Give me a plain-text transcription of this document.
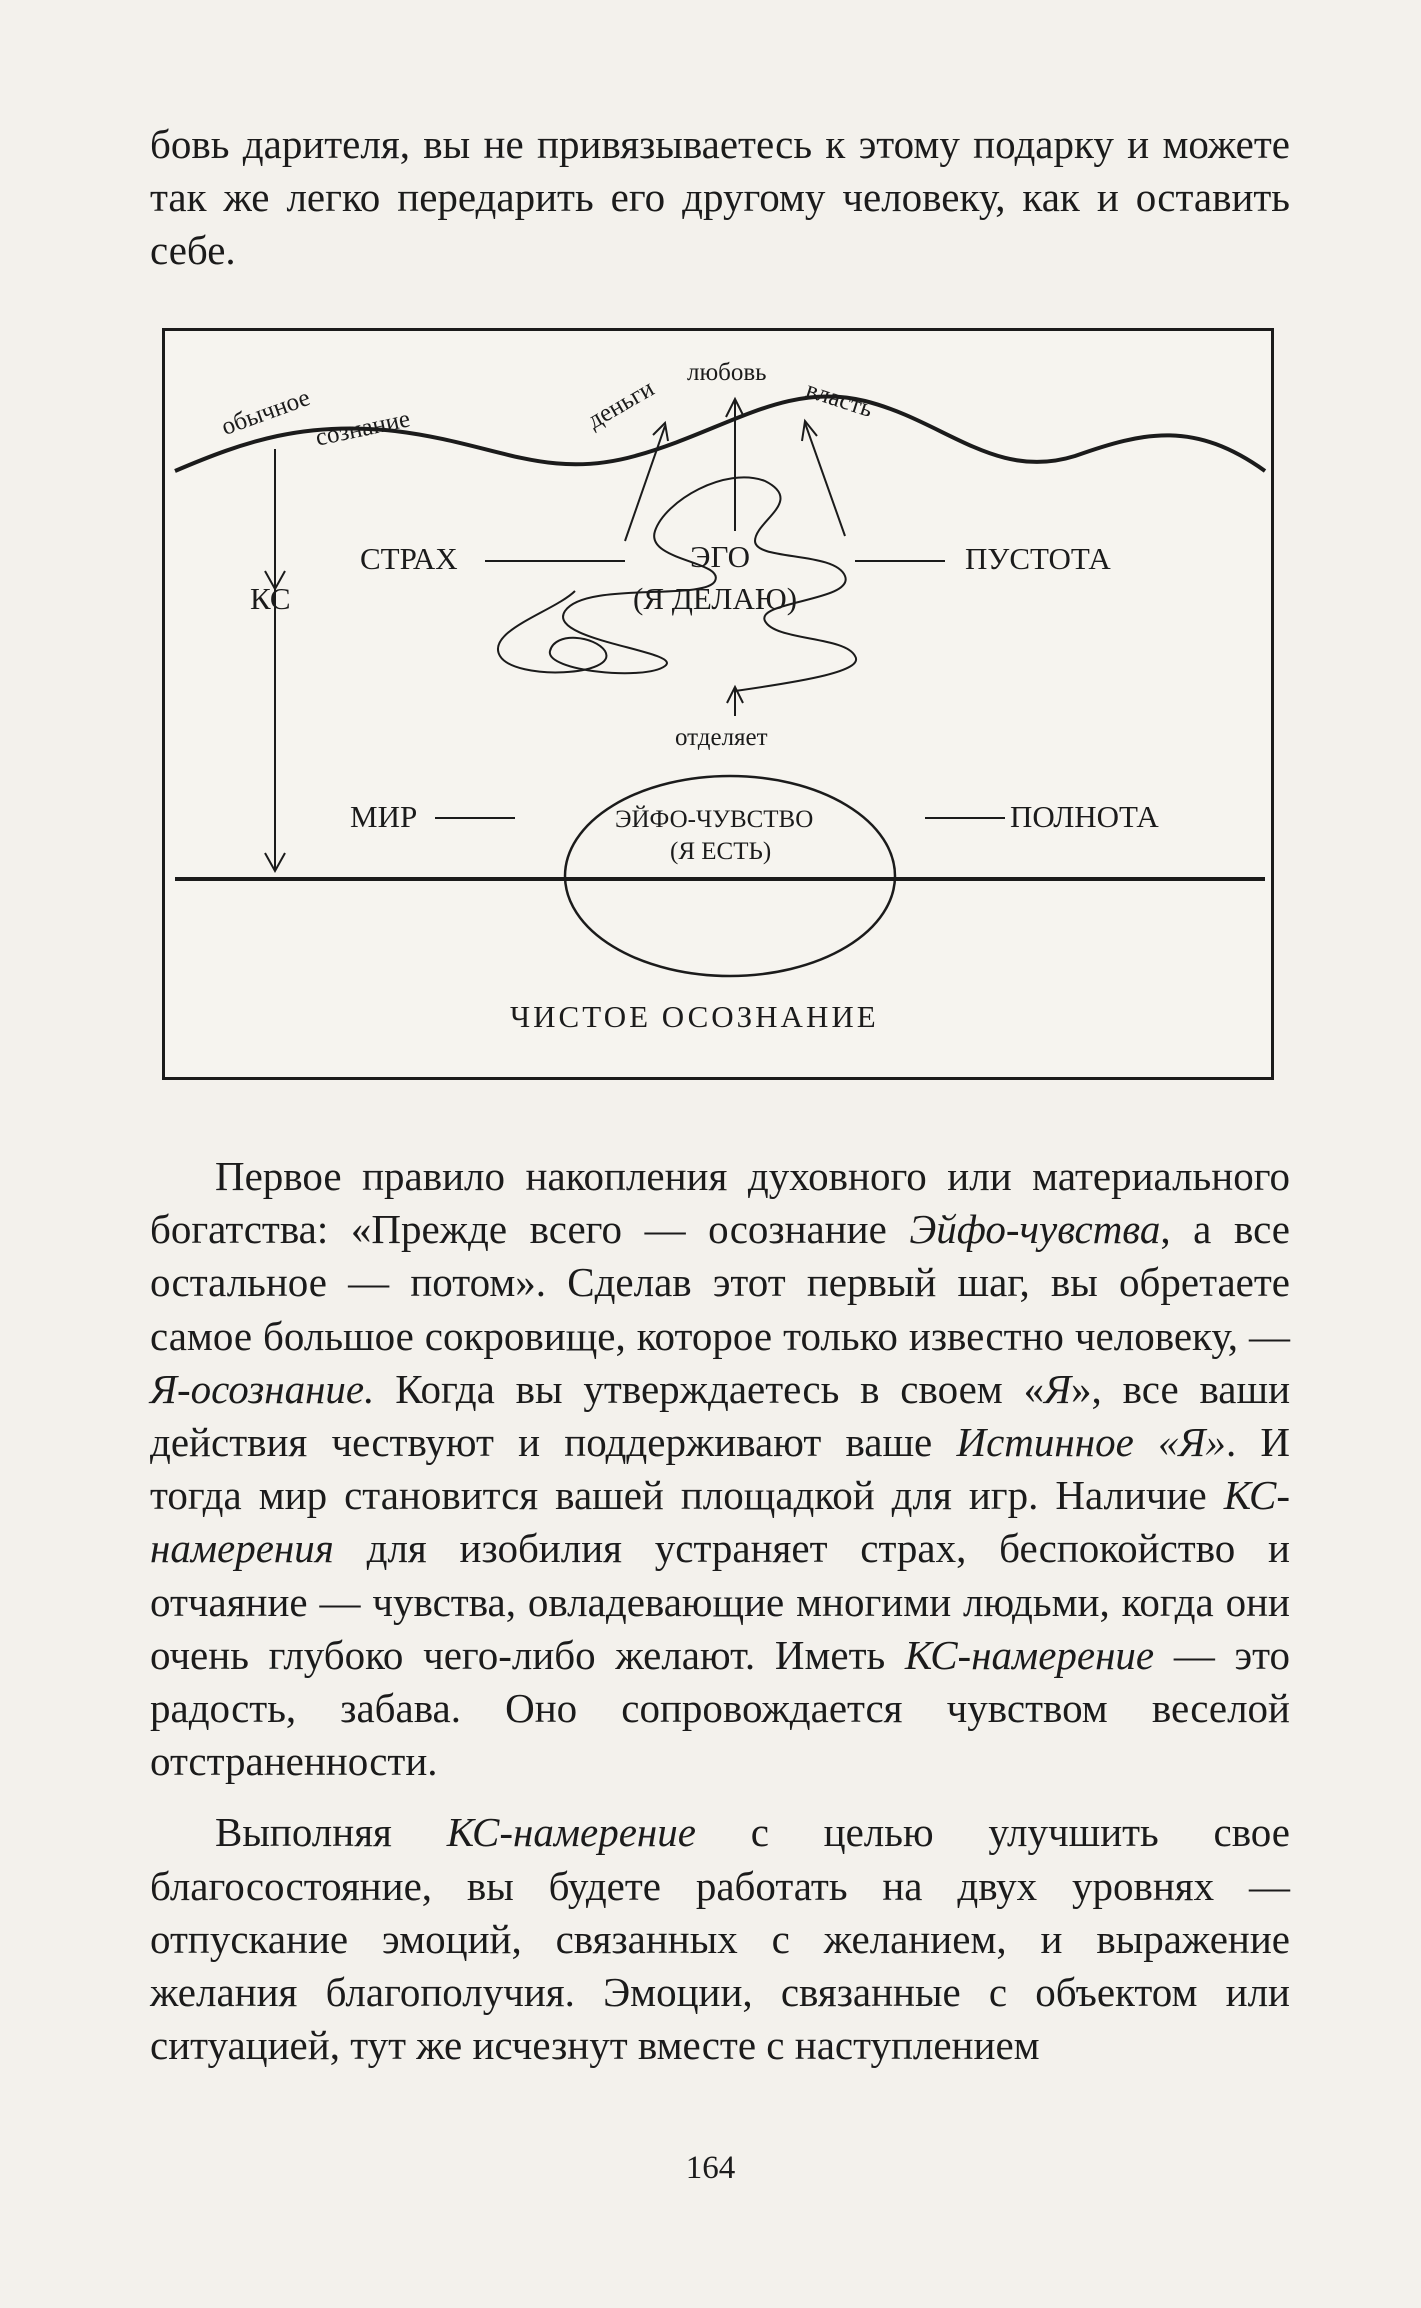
бовь дарителя, вы не привязываетесь к этому подарку и можете так же легко передарить его другому человеку, как и оставить себе.

обычное сознание	деньги
любовь
власть
СТРАХ
КС
ЭГО
(Я ДЕЛАЮ)
ПУСТОТА
отделяет
МИР	ЭЙФО-ЧУВСТВО
(Я ЕСТЬ)
ПОЛНОТА
ЧИСТОЕ ОСОЗНАНИЕ

Первое правило накопления духовного или материального богатства: «Прежде всего — осознание Эйфо-чувства, а все остальное — потом». Сделав этот первый шаг, вы обретаете самое большое сокровище, которое только известно человеку, — Я-осознание. Когда вы утверждаетесь в своем «Я», все ваши действия чествуют и поддерживают ваше Истинное «Я». И тогда мир становится вашей площадкой для игр. Наличие КС-намерения для изобилия устраняет страх, беспокойство и отчаяние — чувства, овладевающие многими людьми, когда они очень глубоко чего-либо желают. Иметь КС-намерение — это радость, забава. Оно сопровождается чувством веселой отстраненности.

Выполняя КС-намерение с целью улучшить свое благосостояние, вы будете работать на двух уровнях — отпускание эмоций, связанных с желанием, и выражение желания благополучия. Эмоции, связанные с объектом или ситуацией, тут же исчезнут вместе с наступлением

164
